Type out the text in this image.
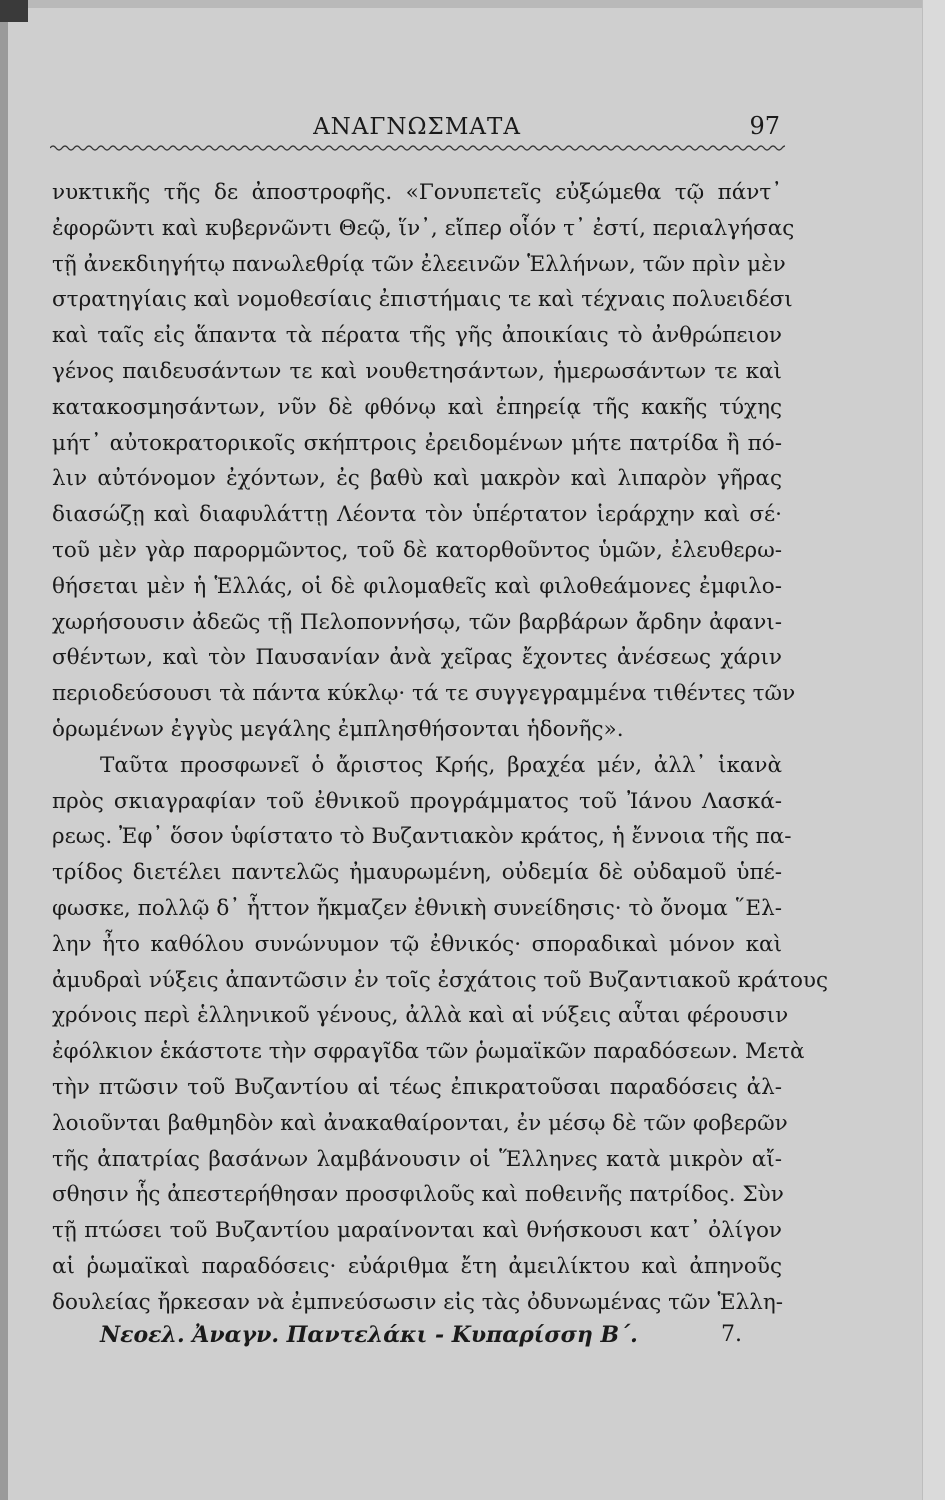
ΑΝΑΓΝΩΣΜΑΤΑ	97
νυκτικῆς τῆς δε ἀποστροφῆς. «Γονυπετεῖς εὐξώμεθα τῷ πάντ᾽
ἐφορῶντι καὶ κυβερνῶντι Θεῷ, ἵν᾽, εἴπερ οἷόν τ᾽ ἐστί, περιαλγήσας
τῇ ἀνεκδιηγήτῳ πανωλεθρίᾳ τῶν ἐλεεινῶν Ἑλλήνων, τῶν πρὶν μὲν
στρατηγίαις καὶ νομοθεσίαις ἐπιστήμαις τε καὶ τέχναις πολυειδέσι
καὶ ταῖς εἰς ἅπαντα τὰ πέρατα τῆς γῆς ἀποικίαις τὸ ἀνθρώπειον
γένος παιδευσάντων τε καὶ νουθετησάντων, ἡμερωσάντων τε καὶ
κατακοσμησάντων, νῦν δὲ φθόνῳ καὶ ἐπηρείᾳ τῆς κακῆς τύχης
μήτ᾽ αὐτοκρατορικοῖς σκήπτροις ἐρειδομένων μήτε πατρίδα ἢ πό-
λιν αὐτόνομον ἐχόντων, ἐς βαθὺ καὶ μακρὸν καὶ λιπαρὸν γῆρας
διασώζῃ καὶ διαφυλάττῃ Λέοντα τὸν ὑπέρτατον ἱεράρχην καὶ σέ·
τοῦ μὲν γὰρ παρορμῶντος, τοῦ δὲ κατορθοῦντος ὑμῶν, ἐλευθερω-
θήσεται μὲν ἡ Ἑλλάς, οἱ δὲ φιλομαθεῖς καὶ φιλοθεάμονες ἐμφιλο-
χωρήσουσιν ἀδεῶς τῇ Πελοποννήσῳ, τῶν βαρβάρων ἄρδην ἀφανι-
σθέντων, καὶ τὸν Παυσανίαν ἀνὰ χεῖρας ἔχοντες ἀνέσεως χάριν
περιοδεύσουσι τὰ πάντα κύκλῳ· τά τε συγγεγραμμένα τιθέντες τῶν
ὁρωμένων ἐγγὺς μεγάλης ἐμπλησθήσονται ἡδονῆς».
Ταῦτα προσφωνεῖ ὁ ἄριστος Κρής, βραχέα μέν, ἀλλ᾽ ἱκανὰ
πρὸς σκιαγραφίαν τοῦ ἐθνικοῦ προγράμματος τοῦ Ἰάνου Λασκά-
ρεως. Ἐφ᾽ ὅσον ὑφίστατο τὸ Βυζαντιακὸν κράτος, ἡ ἔννοια τῆς πα-
τρίδος διετέλει παντελῶς ἠμαυρωμένη, οὐδεμία δὲ οὐδαμοῦ ὑπέ-
φωσκε, πολλῷ δ᾽ ἧττον ἤκμαζεν ἐθνικὴ συνείδησις· τὸ ὄνομα ῞Ελ-
λην ἦτο καθόλου συνώνυμον τῷ ἐθνικός· σποραδικαὶ μόνον καὶ
ἀμυδραὶ νύξεις ἀπαντῶσιν ἐν τοῖς ἐσχάτοις τοῦ Βυζαντιακοῦ κράτους
χρόνοις περὶ ἑλληνικοῦ γένους, ἀλλὰ καὶ αἱ νύξεις αὗται φέρουσιν
ἐφόλκιον ἑκάστοτε τὴν σφραγῖδα τῶν ῥωμαϊκῶν παραδόσεων. Μετὰ
τὴν πτῶσιν τοῦ Βυζαντίου αἱ τέως ἐπικρατοῦσαι παραδόσεις ἀλ-
λοιοῦνται βαθμηδὸν καὶ ἀνακαθαίρονται, ἐν μέσῳ δὲ τῶν φοβερῶν
τῆς ἀπατρίας βασάνων λαμβάνουσιν οἱ Ἕλληνες κατὰ μικρὸν αἴ-
σθησιν ἧς ἀπεστερήθησαν προσφιλοῦς καὶ ποθεινῆς πατρίδος. Σὺν
τῇ πτώσει τοῦ Βυζαντίου μαραίνονται καὶ θνήσκουσι κατ᾽ ὀλίγον
αἱ ῥωμαϊκαὶ παραδόσεις· εὐάριθμα ἔτη ἀμειλίκτου καὶ ἀπηνοῦς
δουλείας ἤρκεσαν νὰ ἐμπνεύσωσιν εἰς τὰς ὀδυνωμένας τῶν Ἑλλη-
Νεοελ. Ἀναγν. Παντελάκι - Κυπαρίσση Β΄.	7.
